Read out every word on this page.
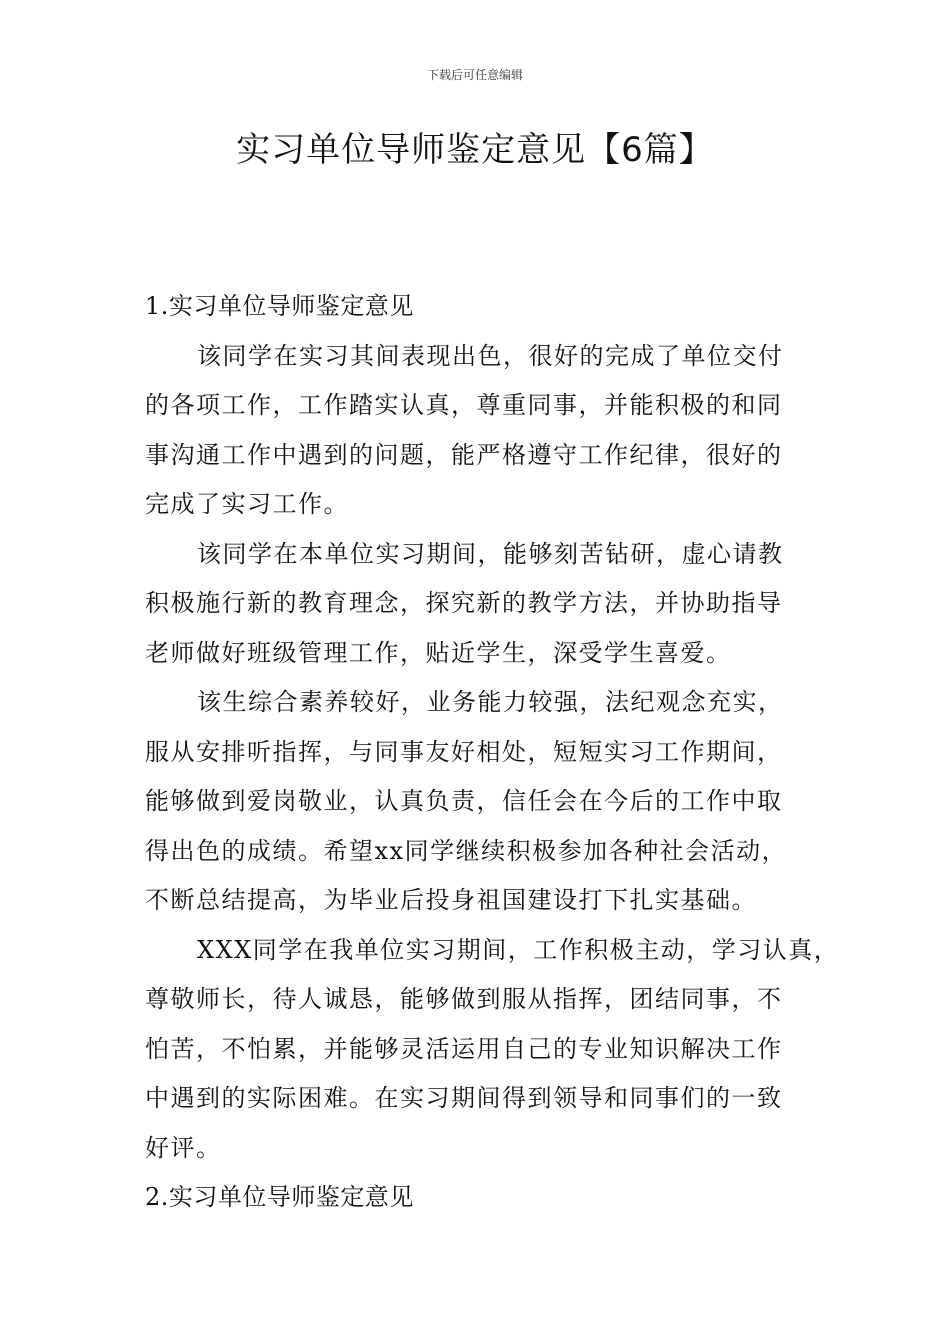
下载后可任意编辑
实习单位导师鉴定意见【6篇】
1.实习单位导师鉴定意见
该同学在实习其间表现出色，很好的完成了单位交付
的各项工作，工作踏实认真，尊重同事，并能积极的和同
事沟通工作中遇到的问题，能严格遵守工作纪律，很好的
完成了实习工作。
该同学在本单位实习期间，能够刻苦钻研，虚心请教
积极施行新的教育理念，探究新的教学方法，并协助指导
老师做好班级管理工作，贴近学生，深受学生喜爱。
该生综合素养较好，业务能力较强，法纪观念充实，
服从安排听指挥，与同事友好相处，短短实习工作期间，
能够做到爱岗敬业，认真负责，信任会在今后的工作中取
得出色的成绩。希望xx同学继续积极参加各种社会活动，
不断总结提高，为毕业后投身祖国建设打下扎实基础。
XXX同学在我单位实习期间，工作积极主动，学习认真，
尊敬师长，待人诚恳，能够做到服从指挥，团结同事，不
怕苦，不怕累，并能够灵活运用自己的专业知识解决工作
中遇到的实际困难。在实习期间得到领导和同事们的一致
好评。
2.实习单位导师鉴定意见
